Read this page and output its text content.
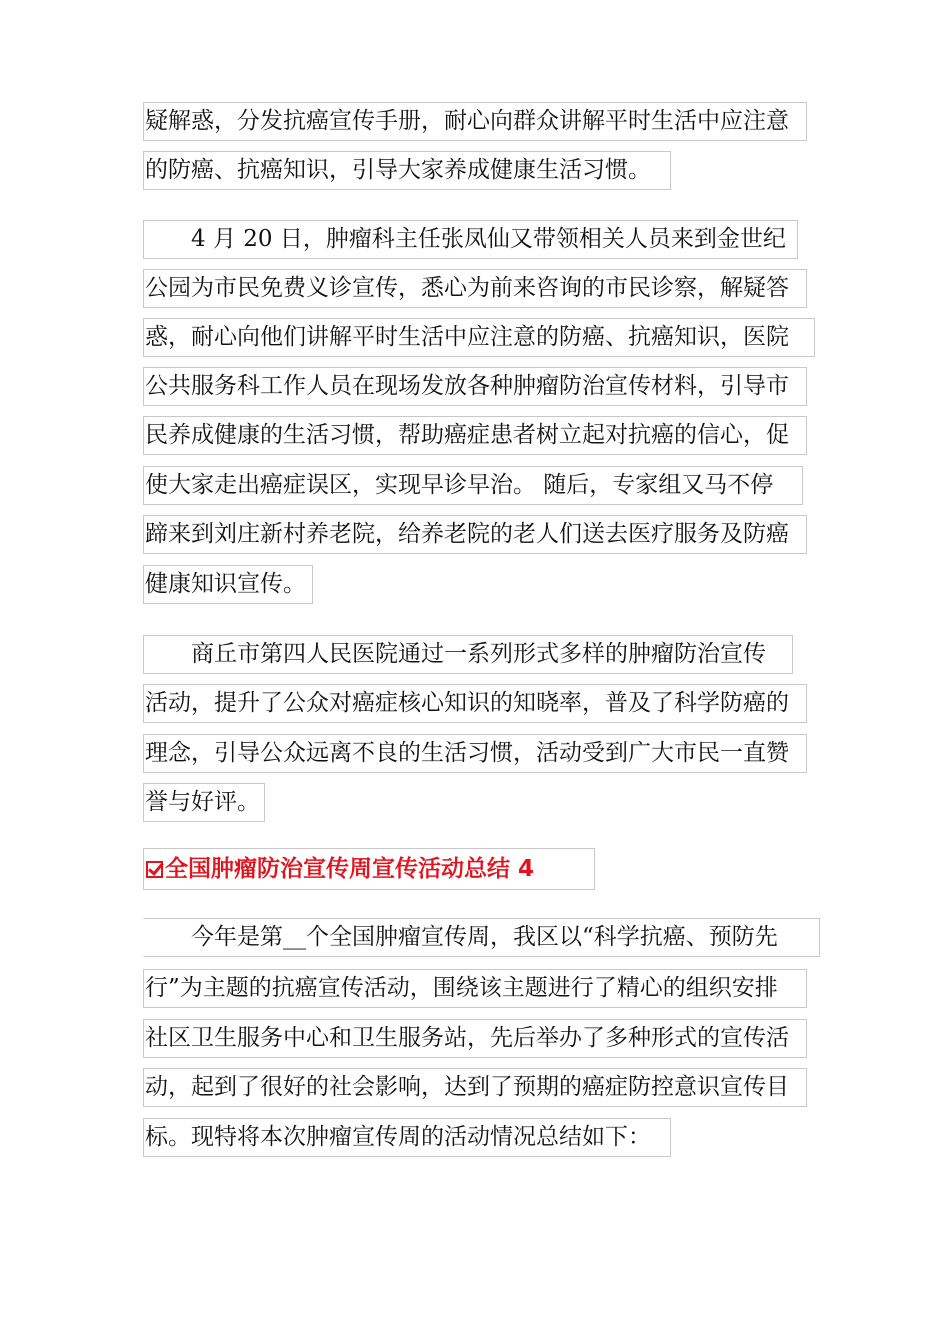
疑解惑，分发抗癌宣传手册，耐心向群众讲解平时生活中应注意
的防癌、抗癌知识，引导大家养成健康生活习惯。
　　4 月 20 日，肿瘤科主任张凤仙又带领相关人员来到金世纪
公园为市民免费义诊宣传，悉心为前来咨询的市民诊察，解疑答
惑，耐心向他们讲解平时生活中应注意的防癌、抗癌知识，医院
公共服务科工作人员在现场发放各种肿瘤防治宣传材料，引导市
民养成健康的生活习惯，帮助癌症患者树立起对抗癌的信心，促
使大家走出癌症误区，实现早诊早治。 随后，专家组又马不停
蹄来到刘庄新村养老院，给养老院的老人们送去医疗服务及防癌
健康知识宣传。
　　商丘市第四人民医院通过一系列形式多样的肿瘤防治宣传
活动，提升了公众对癌症核心知识的知晓率，普及了科学防癌的
理念，引导公众远离不良的生活习惯，活动受到广大市民一直赞
誉与好评。
全国肿瘤防治宣传周宣传活动总结 4
　　今年是第__个全国肿瘤宣传周，我区以“科学抗癌、预防先
行”为主题的抗癌宣传活动，围绕该主题进行了精心的组织安排
社区卫生服务中心和卫生服务站，先后举办了多种形式的宣传活
动，起到了很好的社会影响，达到了预期的癌症防控意识宣传目
标。现特将本次肿瘤宣传周的活动情况总结如下：
